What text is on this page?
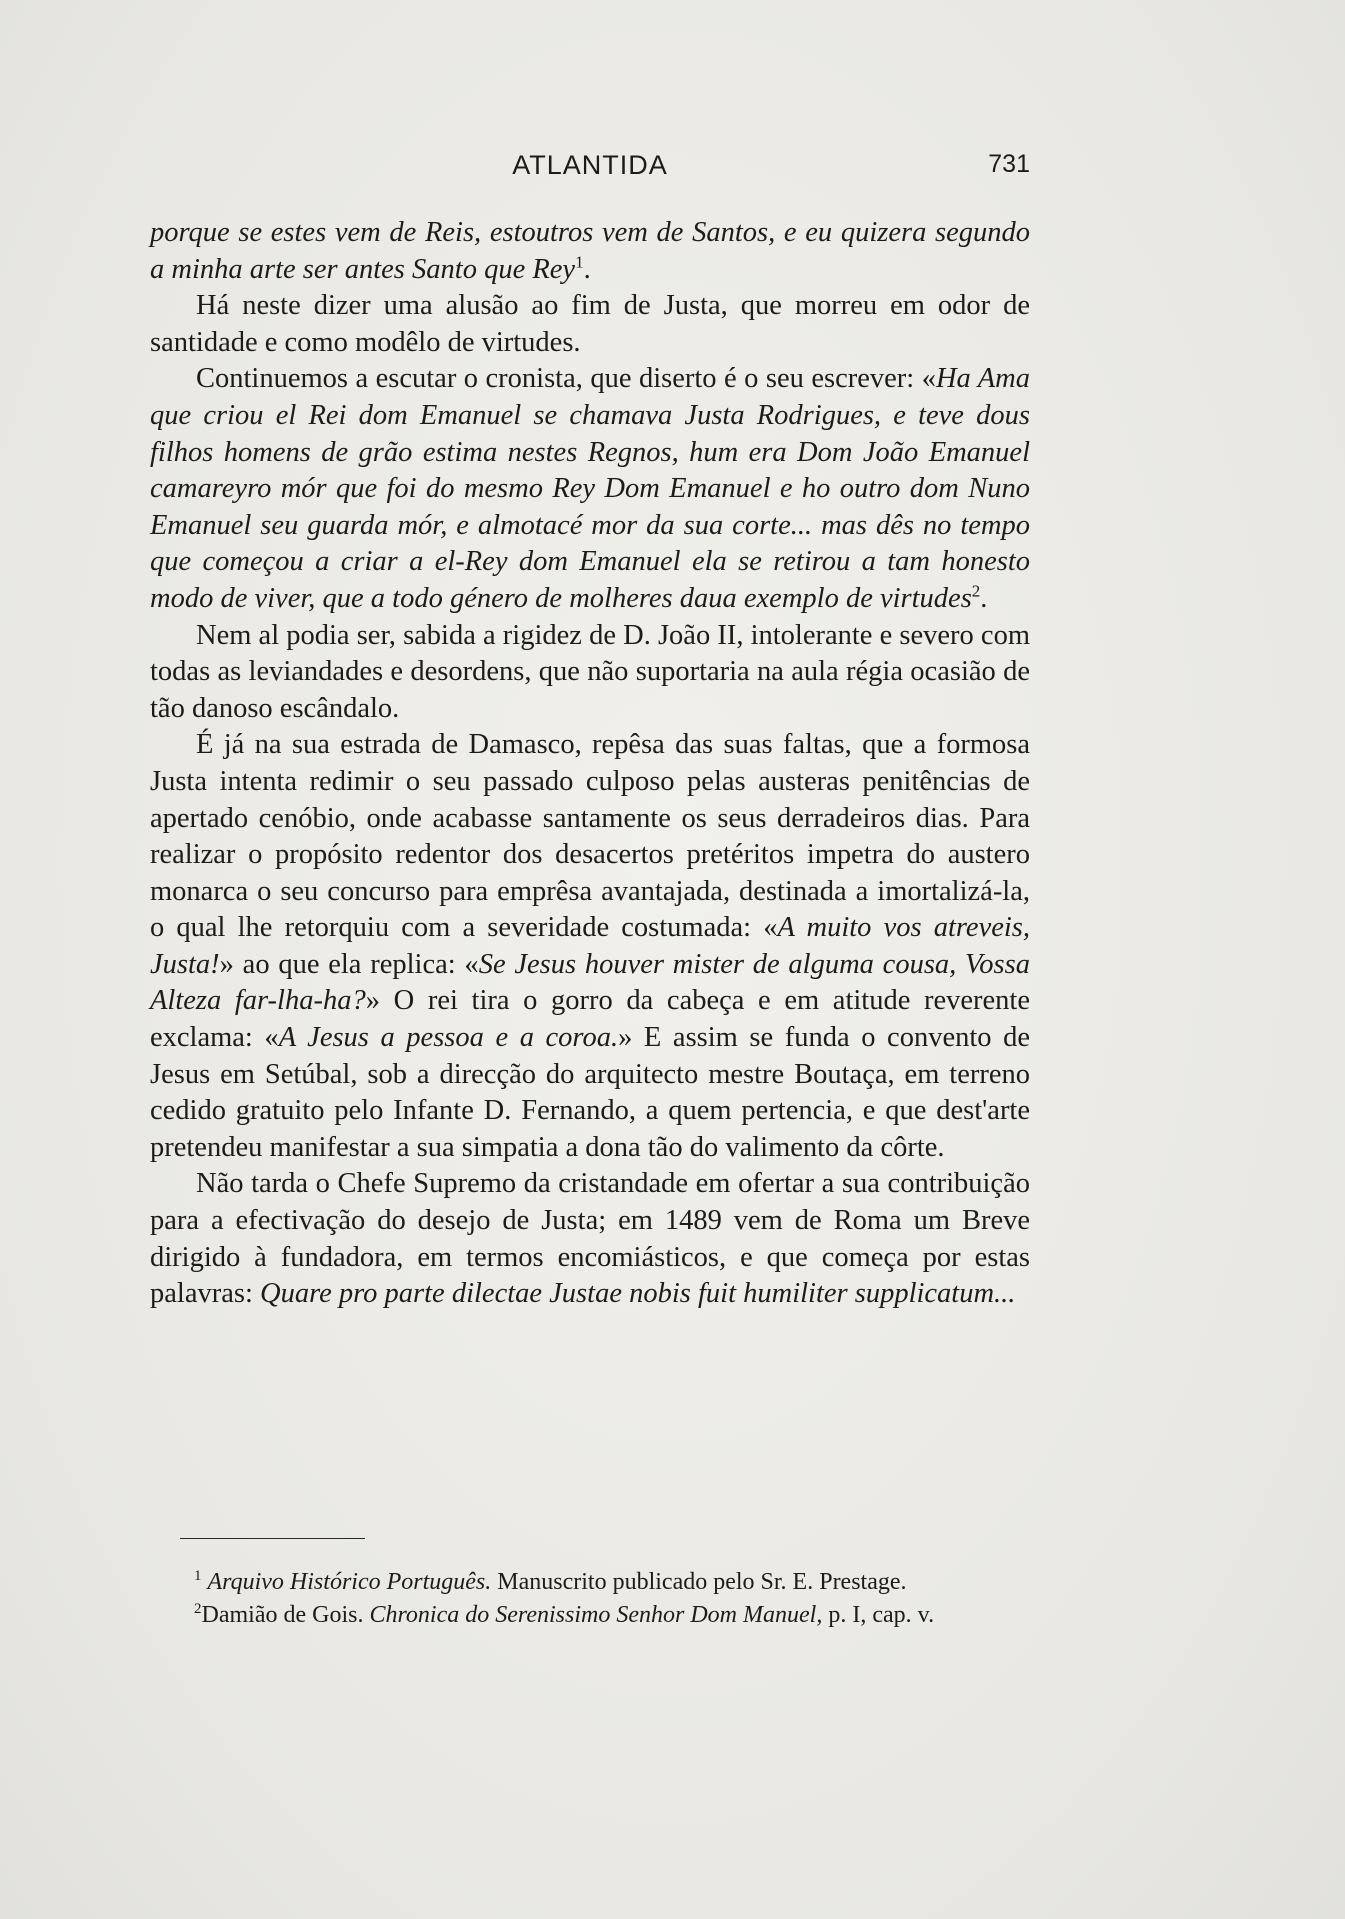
ATLANTIDA	731

porque se estes vem de Reis, estoutros vem de Santos, e eu quizera segundo a minha arte ser antes Santo que Rey$^1$.

Há neste dizer uma alusão ao fim de Justa, que morreu em odor de santidade e como modêlo de virtudes.

Continuemos a escutar o cronista, que diserto é o seu escrever: «Ha Ama que criou el Rei dom Emanuel se chamava Justa Rodrigues, e teve dous filhos homens de grão estima nestes Regnos, hum era Dom João Emanuel camareyro mór que foi do mesmo Rey Dom Emanuel e ho outro dom Nuno Emanuel seu guarda mór, e almotacé mor da sua corte... mas dês no tempo que começou a criar a el-Rey dom Emanuel ela se retirou a tam honesto modo de viver, que a todo género de molheres daua exemplo de virtudes$^2$.

Nem al podia ser, sabida a rigidez de D. João II, intolerante e severo com todas as leviandades e desordens, que não suportaria na aula régia ocasião de tão danoso escândalo.

É já na sua estrada de Damasco, repêsa das suas faltas, que a formosa Justa intenta redimir o seu passado culposo pelas austeras penitências de apertado cenóbio, onde acabasse santamente os seus derradeiros dias. Para realizar o propósito redentor dos desacertos pretéritos impetra do austero monarca o seu concurso para emprêsa avantajada, destinada a imortalizá-la, o qual lhe retorquiu com a severidade costumada: «A muito vos atreveis, Justa!» ao que ela replica: «Se Jesus houver mister de alguma cousa, Vossa Alteza far-lha-ha?» O rei tira o gorro da cabeça e em atitude reverente exclama: «A Jesus a pessoa e a coroa.» E assim se funda o convento de Jesus em Setúbal, sob a direcção do arquitecto mestre Boutaça, em terreno cedido gratuito pelo Infante D. Fernando, a quem pertencia, e que dest'arte pretendeu manifestar a sua simpatia a dona tão do valimento da côrte.

Não tarda o Chefe Supremo da cristandade em ofertar a sua contribuição para a efectivação do desejo de Justa; em 1489 vem de Roma um Breve dirigido à fundadora, em termos encomiásticos, e que começa por estas palavras: Quare pro parte dilectae Justae nobis fuit humiliter supplicatum...

$^1$ Arquivo Histórico Português. Manuscrito publicado pelo Sr. E. Prestage.

$^2$Damião de Gois. Chronica do Serenissimo Senhor Dom Manuel, p. I, cap. v.
